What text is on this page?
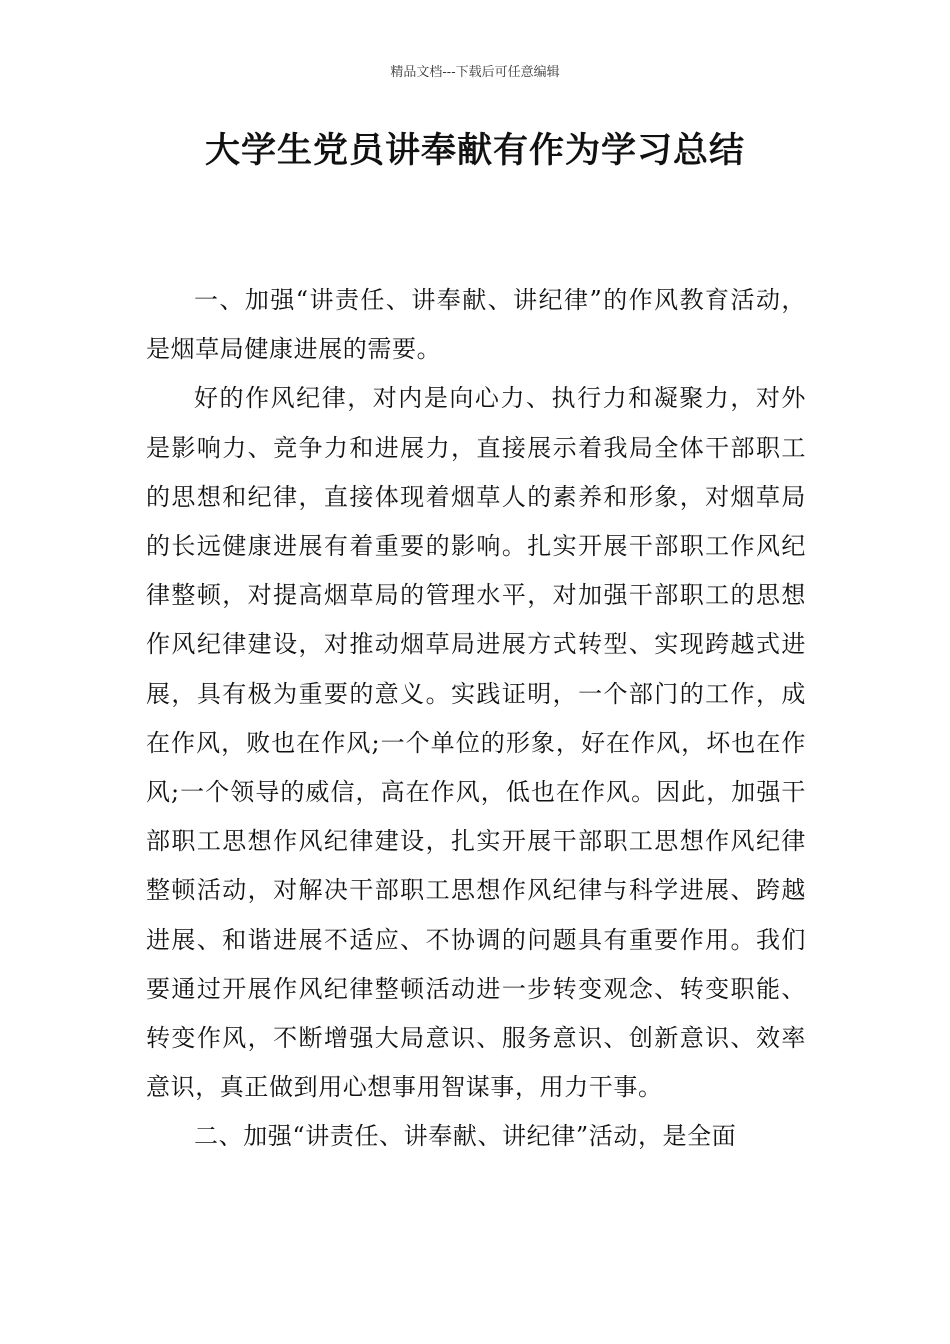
精品文档---下载后可任意编辑
大学生党员讲奉献有作为学习总结

一、加强“讲责任、讲奉献、讲纪律”的作风教育活动，是烟草局健康进展的需要。

好的作风纪律，对内是向心力、执行力和凝聚力，对外是影响力、竞争力和进展力，直接展示着我局全体干部职工的思想和纪律，直接体现着烟草人的素养和形象，对烟草局的长远健康进展有着重要的影响。扎实开展干部职工作风纪律整顿，对提高烟草局的管理水平，对加强干部职工的思想作风纪律建设，对推动烟草局进展方式转型、实现跨越式进展，具有极为重要的意义。实践证明，一个部门的工作，成在作风，败也在作风;一个单位的形象，好在作风，坏也在作风;一个领导的威信，高在作风，低也在作风。因此，加强干部职工思想作风纪律建设，扎实开展干部职工思想作风纪律整顿活动，对解决干部职工思想作风纪律与科学进展、跨越进展、和谐进展不适应、不协调的问题具有重要作用。我们要通过开展作风纪律整顿活动进一步转变观念、转变职能、转变作风，不断增强大局意识、服务意识、创新意识、效率意识，真正做到用心想事用智谋事，用力干事。

二、加强“讲责任、讲奉献、讲纪律”活动，是全面
